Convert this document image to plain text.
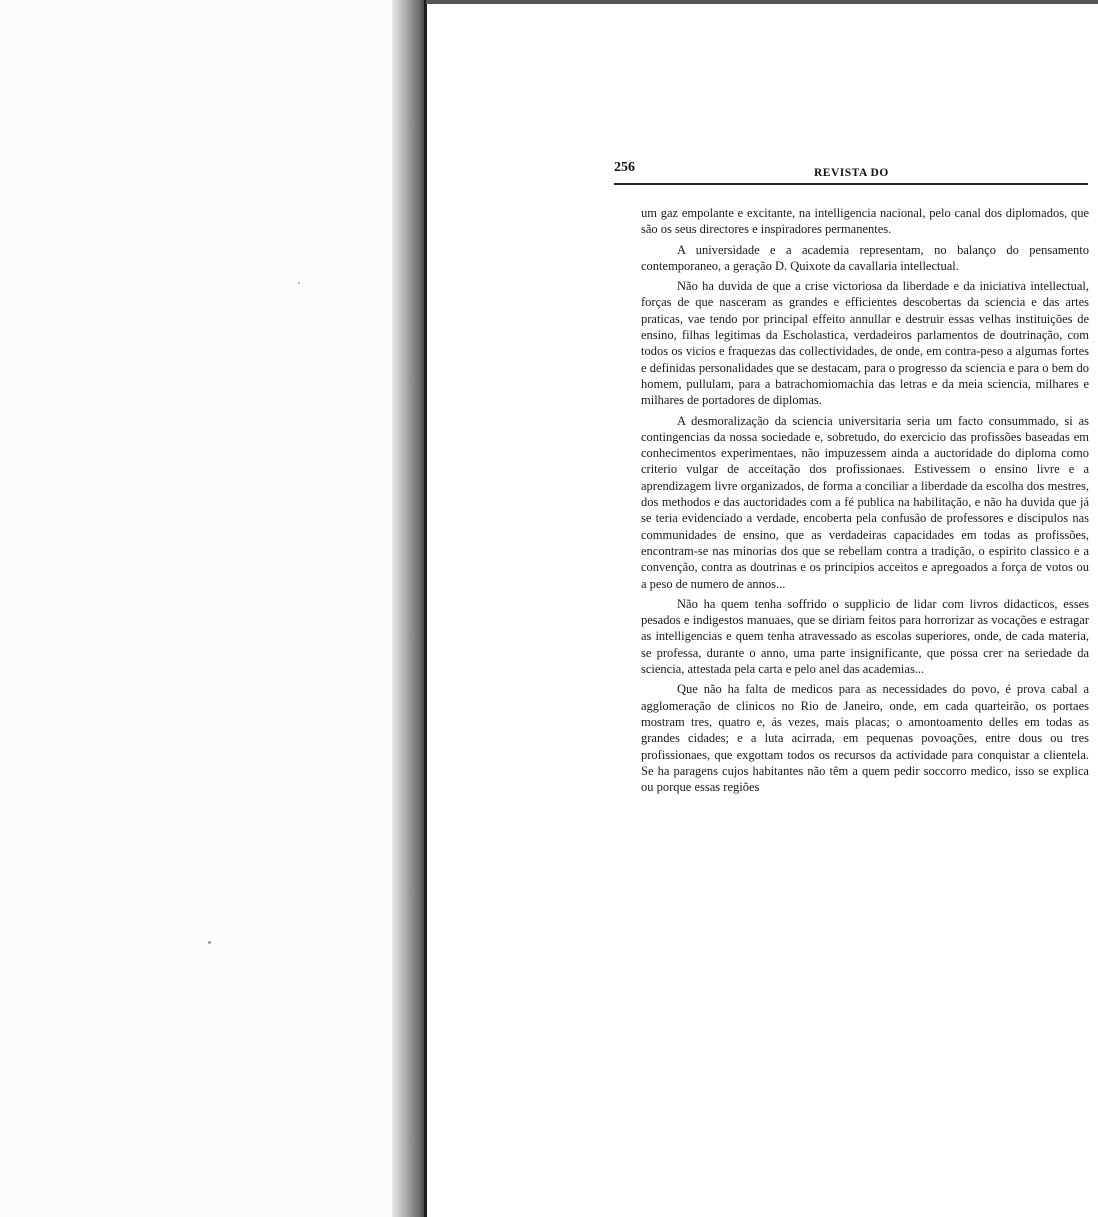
256	REVISTA DO

um gaz empolante e excitante, na intelligencia nacional, pelo canal dos diplomados, que são os seus directores e inspiradores permanentes.

A universidade e a academia representam, no balanço do pensamento contemporaneo, a geração D. Quixote da cavallaria intellectual.

Não ha duvida de que a crise victoriosa da liberdade e da iniciativa intellectual, forças de que nasceram as grandes e efficientes descobertas da sciencia e das artes praticas, vae tendo por principal effeito annullar e destruir essas velhas instituições de ensino, filhas legitimas da Escholastica, verdadeiros parlamentos de doutrinação, com todos os vicios e fraquezas das collectividades, de onde, em contra-peso a algumas fortes e definidas personalidades que se destacam, para o progresso da sciencia e para o bem do homem, pullulam, para a batrachomiomachia das letras e da meia sciencia, milhares e milhares de portadores de diplomas.

A desmoralização da sciencia universitaria seria um facto consummado, si as contingencias da nossa sociedade e, sobretudo, do exercicio das profissões baseadas em conhecimentos experimentaes, não impuzessem ainda a auctoridade do diploma como criterio vulgar de acceitação dos profissionaes. Estivessem o ensino livre e a aprendizagem livre organizados, de forma a conciliar a liberdade da escolha dos mestres, dos methodos e das auctoridades com a fé publica na habilitação, e não ha duvida que já se teria evidenciado a verdade, encoberta pela confusão de professores e discipulos nas communidades de ensino, que as verdadeiras capacidades em todas as profissões, encontram-se nas minorias dos que se rebellam contra a tradição, o espirito classico e a convenção, contra as doutrinas e os principios acceitos e apregoados a força de votos ou a peso de numero de annos...

Não ha quem tenha soffrido o supplicio de lidar com livros didacticos, esses pesados e indigestos manuaes, que se diriam feitos para horrorizar as vocações e estragar as intelligencias e quem tenha atravessado as escolas superiores, onde, de cada materia, se professa, durante o anno, uma parte insignificante, que possa crer na seriedade da sciencia, attestada pela carta e pelo anel das academias...

Que não ha falta de medicos para as necessidades do povo, é prova cabal a agglomeração de clinicos no Rio de Janeiro, onde, em cada quarteirão, os portaes mostram tres, quatro e, ás vezes, mais placas; o amontoamento delles em todas as grandes cidades; e a luta acirrada, em pequenas povoações, entre dous ou tres profissionaes, que exgottam todos os recursos da actividade para conquistar a clientela. Se ha paragens cujos habitantes não têm a quem pedir soccorro medico, isso se explica ou porque essas regiões
